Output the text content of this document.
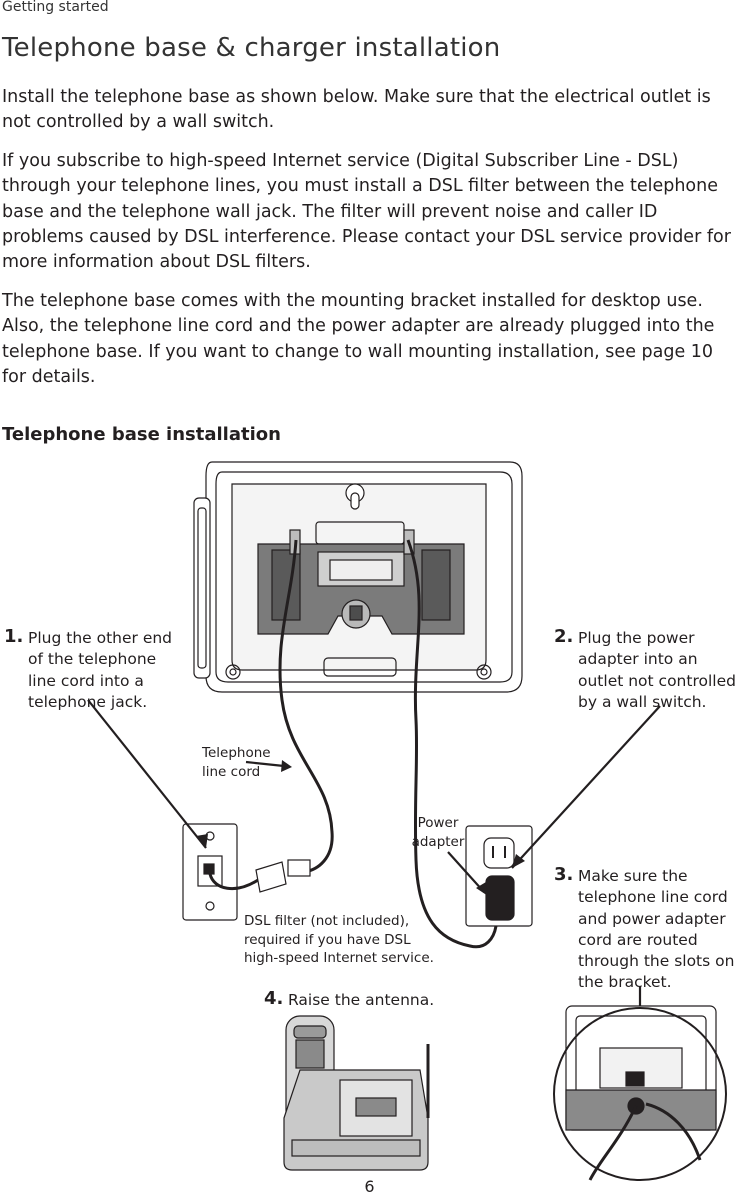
Getting started
Telephone base & charger installation

Install the telephone base as shown below. Make sure that the electrical outlet is not controlled by a wall switch.

If you subscribe to high-speed Internet service (Digital Subscriber Line - DSL) through your telephone lines, you must install a DSL filter between the telephone base and the telephone wall jack. The filter will prevent noise and caller ID problems caused by DSL interference. Please contact your DSL service provider for more information about DSL filters.

The telephone base comes with the mounting bracket installed for desktop use. Also, the telephone line cord and the power adapter are already plugged into the telephone base. If you want to change to wall mounting installation, see page 10 for details.

Telephone base installation
1. Plug the other end of the telephone line cord into a telephone jack.
2. Plug the power adapter into an outlet not controlled by a wall switch.
3. Make sure the telephone line cord and power adapter cord are routed through the slots on the bracket.
4. Raise the antenna.
Telephone line cord
Power adapter
DSL filter (not included), required if you have DSL high-speed Internet service.
6
